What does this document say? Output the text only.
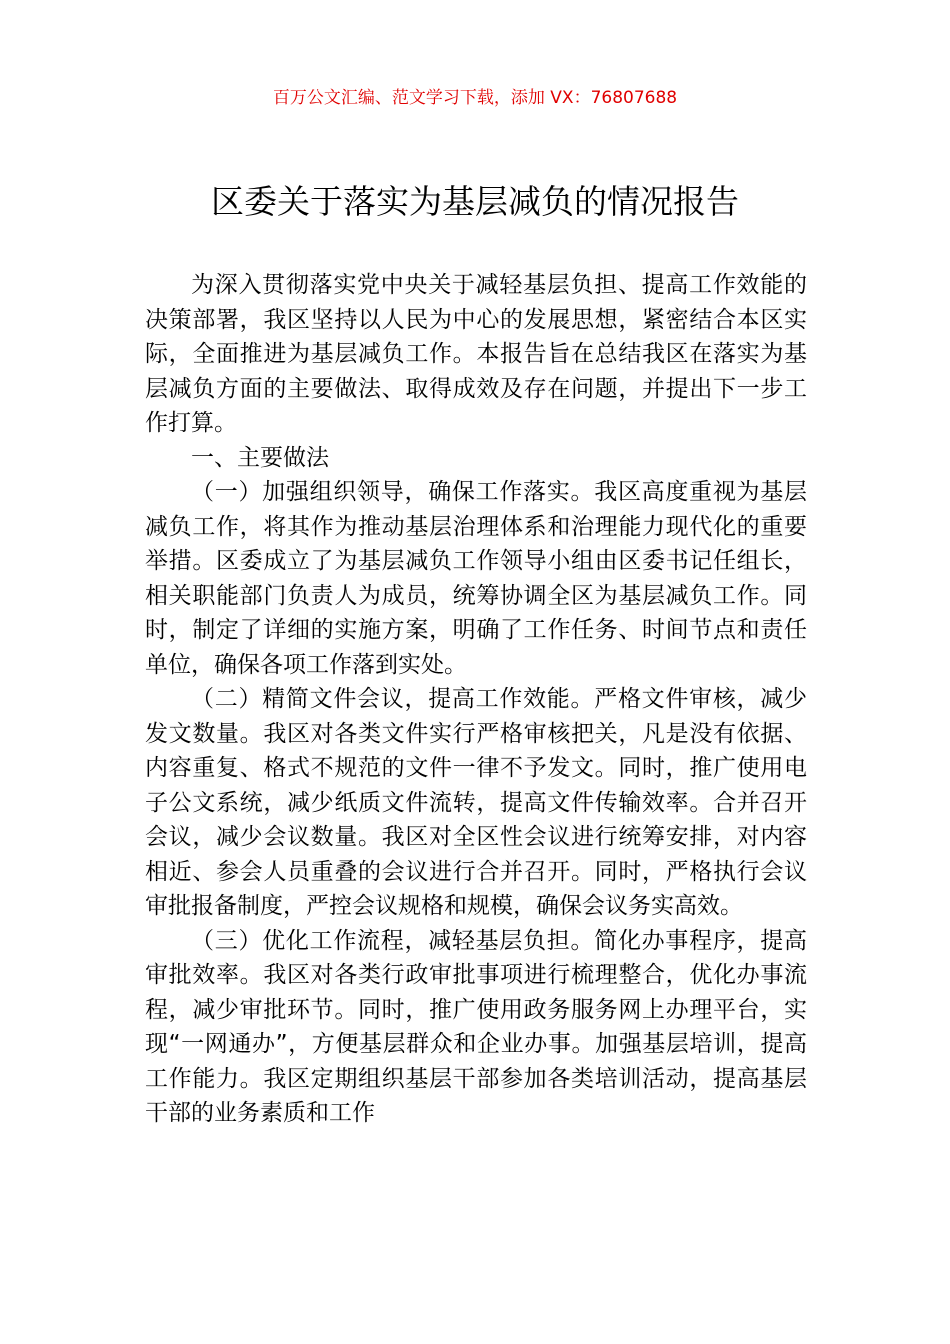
百万公文汇编、范文学习下载，添加 VX：76807688
区委关于落实为基层减负的情况报告

为深入贯彻落实党中央关于减轻基层负担、提高工作效能的决策部署，我区坚持以人民为中心的发展思想，紧密结合本区实际，全面推进为基层减负工作。本报告旨在总结我区在落实为基层减负方面的主要做法、取得成效及存在问题，并提出下一步工作打算。

一、主要做法

（一）加强组织领导，确保工作落实。我区高度重视为基层减负工作，将其作为推动基层治理体系和治理能力现代化的重要举措。区委成立了为基层减负工作领导小组由区委书记任组长，相关职能部门负责人为成员，统筹协调全区为基层减负工作。同时，制定了详细的实施方案，明确了工作任务、时间节点和责任单位，确保各项工作落到实处。

（二）精简文件会议，提高工作效能。严格文件审核，减少发文数量。我区对各类文件实行严格审核把关，凡是没有依据、内容重复、格式不规范的文件一律不予发文。同时，推广使用电子公文系统，减少纸质文件流转，提高文件传输效率。合并召开会议，减少会议数量。我区对全区性会议进行统筹安排，对内容相近、参会人员重叠的会议进行合并召开。同时，严格执行会议审批报备制度，严控会议规格和规模，确保会议务实高效。

（三）优化工作流程，减轻基层负担。简化办事程序，提高审批效率。我区对各类行政审批事项进行梳理整合，优化办事流程，减少审批环节。同时，推广使用政务服务网上办理平台，实现“一网通办”，方便基层群众和企业办事。加强基层培训，提高工作能力。我区定期组织基层干部参加各类培训活动，提高基层干部的业务素质和工作
